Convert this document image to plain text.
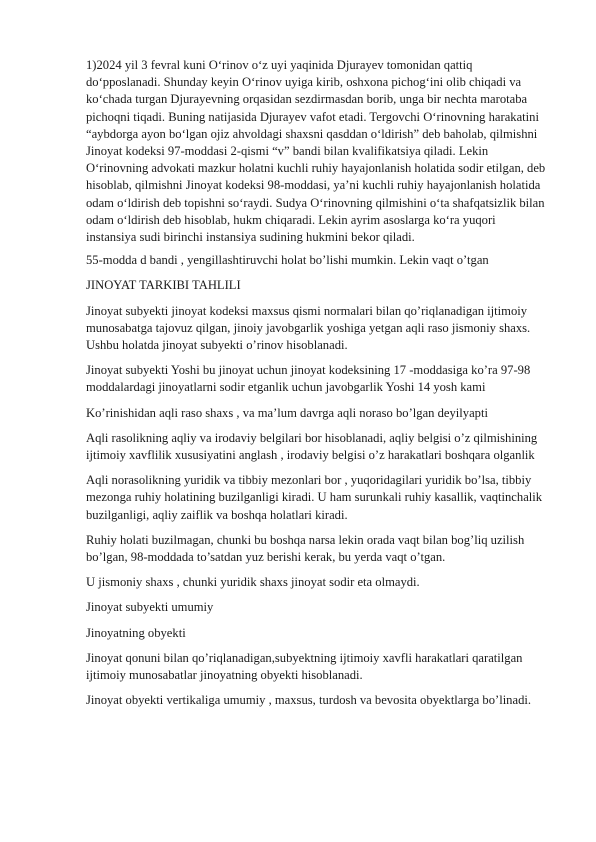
1)2024 yil 3 fevral kuni O‘rinov o‘z uyi yaqinida Djurayev tomonidan qattiq do‘pposlanadi. Shunday keyin O‘rinov uyiga kirib, oshxona pichog‘ini olib chiqadi va ko‘chada turgan Djurayevning orqasidan sezdirmasdan borib, unga bir nechta marotaba pichoqni tiqadi. Buning natijasida Djurayev vafot etadi. Tergovchi O‘rinovning harakatini “aybdorga ayon bo‘lgan ojiz ahvoldagi shaxsni qasddan o‘ldirish” deb baholab, qilmishni Jinoyat kodeksi 97-moddasi 2-qismi “v” bandi bilan kvalifikatsiya qiladi. Lekin O‘rinovning advokati mazkur holatni kuchli ruhiy hayajonlanish holatida sodir etilgan, deb hisoblab, qilmishni Jinoyat kodeksi 98-moddasi, ya’ni kuchli ruhiy hayajonlanish holatida odam o‘ldirish deb topishni so‘raydi. Sudya O‘rinovning qilmishini o‘ta shafqatsizlik bilan odam o‘ldirish deb hisoblab, hukm chiqaradi. Lekin ayrim asoslarga ko‘ra yuqori instansiya sudi birinchi instansiya sudining hukmini bekor qiladi.

55-modda d bandi , yengillashtiruvchi holat bo’lishi mumkin. Lekin vaqt o’tgan

JINOYAT TARKIBI TAHLILI

Jinoyat subyekti jinoyat kodeksi maxsus qismi normalari bilan qo’riqlanadigan ijtimoiy munosabatga tajovuz qilgan, jinoiy javobgarlik yoshiga yetgan aqli raso jismoniy shaxs. Ushbu holatda jinoyat subyekti o’rinov hisoblanadi.

Jinoyat subyekti Yoshi bu jinoyat uchun jinoyat kodeksining 17 -moddasiga ko’ra 97-98 moddalardagi jinoyatlarni sodir etganlik uchun javobgarlik Yoshi 14 yosh kami

Ko’rinishidan aqli raso shaxs , va ma’lum davrga aqli noraso bo’lgan deyilyapti

Aqli rasolikning aqliy va irodaviy belgilari bor hisoblanadi, aqliy belgisi o’z qilmishining ijtimoiy xavflilik xususiyatini anglash , irodaviy belgisi o’z harakatlari boshqara olganlik

Aqli norasolikning yuridik va tibbiy mezonlari bor , yuqoridagilari yuridik bo’lsa, tibbiy mezonga ruhiy holatining buzilganligi kiradi. U ham surunkali ruhiy kasallik, vaqtinchalik buzilganligi, aqliy zaiflik va boshqa holatlari kiradi.

Ruhiy holati buzilmagan, chunki bu boshqa narsa lekin orada vaqt bilan bog’liq uzilish bo’lgan, 98-moddada to’satdan yuz berishi kerak, bu yerda vaqt o’tgan.

U jismoniy shaxs , chunki yuridik shaxs jinoyat sodir eta olmaydi.

Jinoyat subyekti umumiy

Jinoyatning obyekti

Jinoyat qonuni bilan qo’riqlanadigan,subyektning ijtimoiy xavfli harakatlari qaratilgan ijtimoiy munosabatlar jinoyatning obyekti hisoblanadi.

Jinoyat obyekti vertikaliga umumiy , maxsus, turdosh va bevosita obyektlarga bo’linadi.
